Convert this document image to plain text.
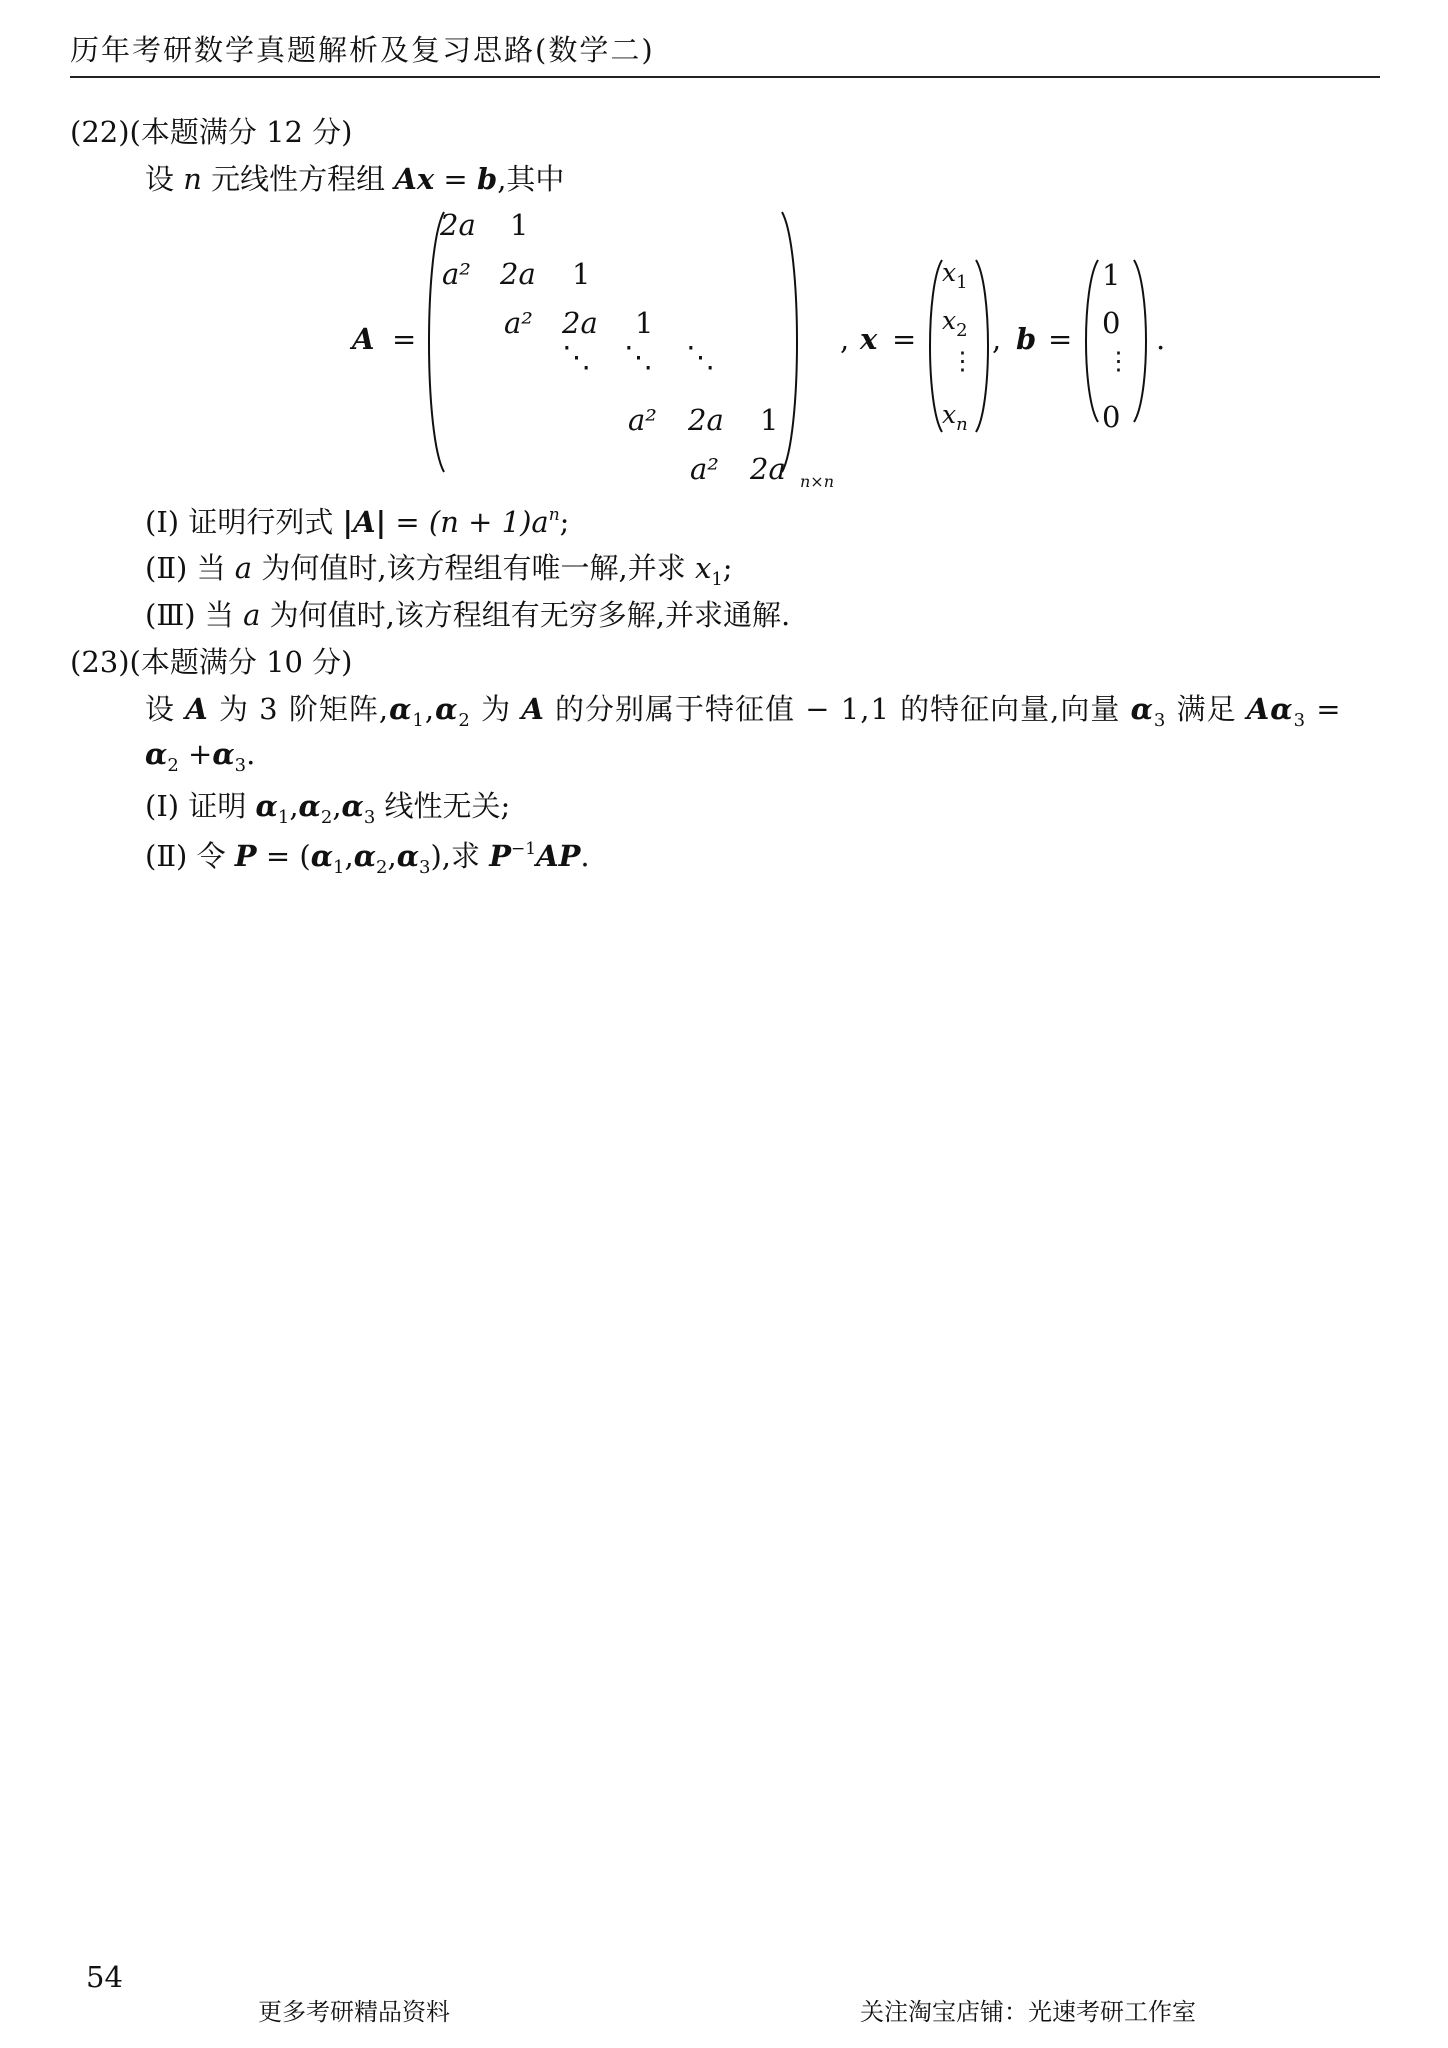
历年考研数学真题解析及复习思路(数学二)
(22)(本题满分 12 分)
设 n 元线性方程组 Ax = b,其中
A =
2a 1
a² 2a 1
a² 2a 1
⋱ ⋱ ⋱
a² 2a 1
a² 2a n×n
, x =
$x_1$
$x_2$
⋮
$x_n$
, b =
1
0
⋮
0
.
(Ⅰ) 证明行列式 $|A| = (n + 1)a^n$;
(Ⅱ) 当 a 为何值时,该方程组有唯一解,并求 $x_1$;
(Ⅲ) 当 a 为何值时,该方程组有无穷多解,并求通解.
(23)(本题满分 10 分)
设 A 为 3 阶矩阵$,\alpha_1,\alpha_2$ 为 A 的分别属于特征值 − 1,1 的特征向量,向量 $\alpha_3$ 满足 $A\alpha_3$ =
$\alpha_2 +\alpha_3$.
(Ⅰ) 证明 $\alpha_1,\alpha_2,\alpha_3$ 线性无关;
(Ⅱ) 令 $P = (\alpha_1,\alpha_2,\alpha_3)$,求 $P^{-1}AP$.
54
更多考研精品资料	关注淘宝店铺：光速考研工作室
